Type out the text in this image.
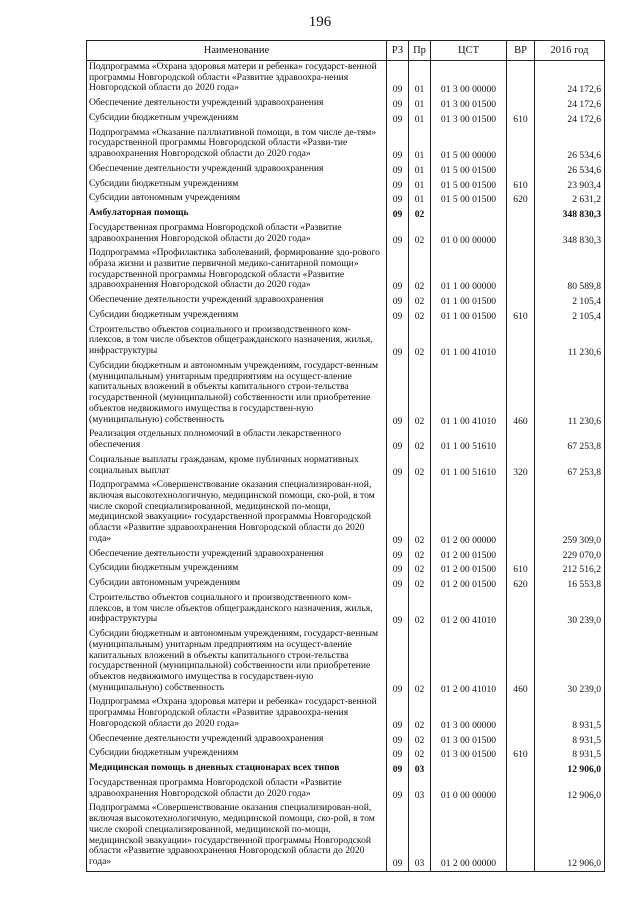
196
Наименование	РЗ	Пр	ЦСТ	ВР	2016 год
Подпрограмма «Охрана здоровья матери и ребенка» государст-венной программы Новгородской области «Развитие здравоохра-нения Новгородской области до 2020 года»	09	01	01 3 00 00000		24 172,6
Обеспечение деятельности учреждений здравоохранения	09	01	01 3 00 01500		24 172,6
Субсидии бюджетным учреждениям	09	01	01 3 00 01500	610	24 172,6
Подпрограмма «Оказание паллиативной помощи, в том числе де-тям» государственной программы Новгородской области «Разви-тие здравоохранения Новгородской области до 2020 года»	09	01	01 5 00 00000		26 534,6
Обеспечение деятельности учреждений здравоохранения	09	01	01 5 00 01500		26 534,6
Субсидии бюджетным учреждениям	09	01	01 5 00 01500	610	23 903,4
Субсидии автономным учреждениям	09	01	01 5 00 01500	620	2 631,2
Амбулаторная помощь	09	02			348 830,3
Государственная программа Новгородской области «Развитие здравоохранения Новгородской области до 2020 года»	09	02	01 0 00 00000		348 830,3
Подпрограмма «Профилактика заболеваний, формирование здо-рового образа жизни и развитие первичной медико-санитарной помощи» государственной программы Новгородской области «Развитие здравоохранения Новгородской области до 2020 года»	09	02	01 1 00 00000		80 589,8
Обеспечение деятельности учреждений здравоохранения	09	02	01 1 00 01500		2 105,4
Субсидии бюджетным учреждениям	09	02	01 1 00 01500	610	2 105,4
Строительство объектов социального и производственного ком-плексов, в том числе объектов общегражданского назначения, жилья, инфраструктуры	09	02	01 1 00 41010		11 230,6
Субсидии бюджетным и автономным учреждениям, государст-венным (муниципальным) унитарным предприятиям на осущест-вление капитальных вложений в объекты капитального строи-тельства государственной (муниципальной) собственности или приобретение объектов недвижимого имущества в государствен-ную (муниципальную) собственность	09	02	01 1 00 41010	460	11 230,6
Реализация отдельных полномочий в области лекарственного обеспечения	09	02	01 1 00 51610		67 253,8
Социальные выплаты гражданам, кроме публичных нормативных социальных выплат	09	02	01 1 00 51610	320	67 253,8
Подпрограмма «Совершенствование оказания специализирован-ной, включая высокотехнологичную, медицинской помощи, ско-рой, в том числе скорой специализированной, медицинской по-мощи, медицинской эвакуации» государственной программы Новгородской области «Развитие здравоохранения Новгородской области до 2020 года»	09	02	01 2 00 00000		259 309,0
Обеспечение деятельности учреждений здравоохранения	09	02	01 2 00 01500		229 070,0
Субсидии бюджетным учреждениям	09	02	01 2 00 01500	610	212 516,2
Субсидии автономным учреждениям	09	02	01 2 00 01500	620	16 553,8
Строительство объектов социального и производственного ком-плексов, в том числе объектов общегражданского назначения, жилья, инфраструктуры	09	02	01 2 00 41010		30 239,0
Субсидии бюджетным и автономным учреждениям, государст-венным (муниципальным) унитарным предприятиям на осущест-вление капитальных вложений в объекты капитального строи-тельства государственной (муниципальной) собственности или приобретение объектов недвижимого имущества в государствен-ную (муниципальную) собственность	09	02	01 2 00 41010	460	30 239,0
Подпрограмма «Охрана здоровья матери и ребенка» государст-венной программы Новгородской области «Развитие здравоохра-нения Новгородской области до 2020 года»	09	02	01 3 00 00000		8 931,5
Обеспечение деятельности учреждений здравоохранения	09	02	01 3 00 01500		8 931,5
Субсидии бюджетным учреждениям	09	02	01 3 00 01500	610	8 931,5
Медицинская помощь в дневных стационарах всех типов	09	03			12 906,0
Государственная программа Новгородской области «Развитие здравоохранения Новгородской области до 2020 года»	09	03	01 0 00 00000		12 906,0
Подпрограмма «Совершенствование оказания специализирован-ной, включая высокотехнологичную, медицинской помощи, ско-рой, в том числе скорой специализированной, медицинской по-мощи, медицинской эвакуации» государственной программы Новгородской области «Развитие здравоохранения Новгородской области до 2020 года»	09	03	01 2 00 00000		12 906,0
